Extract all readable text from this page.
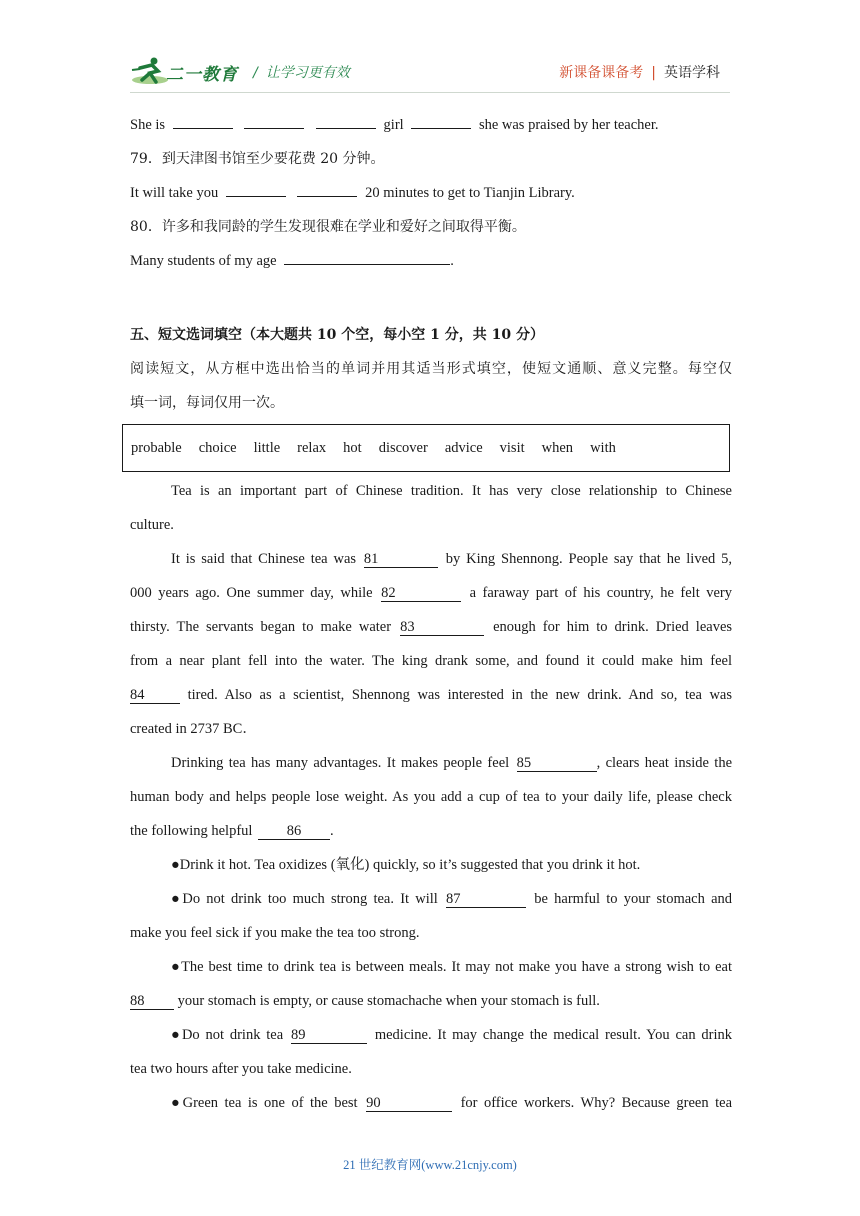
二一教育 / 让学习更有效	新课备课备考 | 英语学科
She is	girl	she was praised by her teacher.
79．到天津图书馆至少要花费 20 分钟。
It will take you	20 minutes to get to Tianjin Library.
80．许多和我同龄的学生发现很难在学业和爱好之间取得平衡。
Many students of my age	.
五、短文选词填空（本大题共 10 个空，每小空 1 分，共 10 分）
阅读短文，从方框中选出恰当的单词并用其适当形式填空，使短文通顺、意义完整。每空仅
填一词，每词仅用一次。
probable choice little relax hot discover advice visit when with
Tea is an important part of Chinese tradition. It has very close relationship to Chinese
culture.
It is said that Chinese tea was 81	by King Shennong. People say that he lived 5,
000 years ago. One summer day, while 82	a faraway part of his country, he felt very
thirsty. The servants began to make water 83	enough for him to drink. Dried leaves
from a near plant fell into the water. The king drank some, and found it could make him feel
84	tired. Also as a scientist, Shennong was interested in the new drink. And so, tea was
created in 2737 BC．
Drinking tea has many advantages. It makes people feel 85	, clears heat inside the
human body and helps people lose weight. As you add a cup of tea to your daily life, please check
the following helpful 86 .
●Drink it hot. Tea oxidizes (氧化) quickly, so it’s suggested that you drink it hot.
●Do not drink too much strong tea. It will 87	be harmful to your stomach and
make you feel sick if you make the tea too strong.
●The best time to drink tea is between meals. It may not make you have a strong wish to eat
88 your stomach is empty, or cause stomachache when your stomach is full.
●Do not drink tea 89	medicine. It may change the medical result. You can drink
tea two hours after you take medicine.
●Green tea is one of the best 90	for office workers. Why? Because green tea
21 世纪教育网(www.21cnjy.com)
